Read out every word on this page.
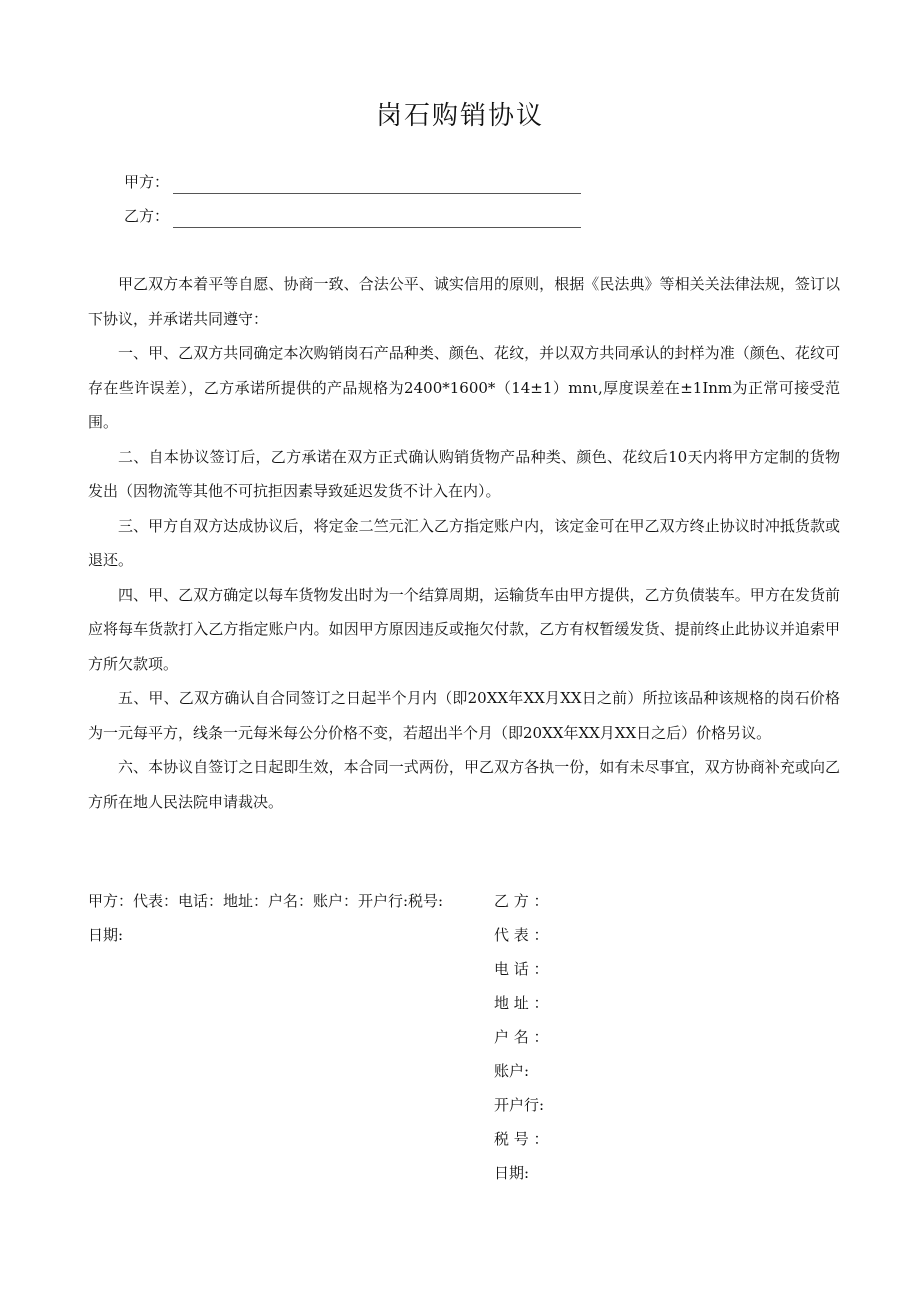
岗石购销协议
甲方：
乙方：

甲乙双方本着平等自愿、协商一致、合法公平、诚实信用的原则，根据《民法典》等相关关法律法规，签订以下协议，并承诺共同遵守：

一、甲、乙双方共同确定本次购销岗石产品种类、颜色、花纹，并以双方共同承认的封样为准（颜色、花纹可存在些许误差），乙方承诺所提供的产品规格为2400*1600*（14±1）mnι,厚度误差在±1Inm为正常可接受范围。

二、自本协议签订后，乙方承诺在双方正式确认购销货物产品种类、颜色、花纹后10天内将甲方定制的货物发出（因物流等其他不可抗拒因素导致延迟发货不计入在内）。

三、甲方自双方达成协议后，将定金二竺元汇入乙方指定账户内，该定金可在甲乙双方终止协议时冲抵货款或退还。

四、甲、乙双方确定以每车货物发出时为一个结算周期，运输货车由甲方提供，乙方负债装车。甲方在发货前应将每车货款打入乙方指定账户内。如因甲方原因违反或拖欠付款，乙方有权暂缓发货、提前终止此协议并追索甲方所欠款项。

五、甲、乙双方确认自合同签订之日起半个月内（即20XX年XX月XX日之前）所拉该品种该规格的岗石价格为一元每平方，线条一元每米每公分价格不变，若超出半个月（即20XX年XX月XX日之后）价格另议。

六、本协议自签订之日起即生效，本合同一式两份，甲乙双方各执一份，如有未尽事宜，双方协商补充或向乙方所在地人民法院申请裁决。

甲方：代表：电话：地址：户名：账户：开户行:税号:
日期:
乙 方 ：
代 表 ：
电 话 ：
地 址 ：
户 名 ：
账户:
开户行:
税 号 ：
日期:
